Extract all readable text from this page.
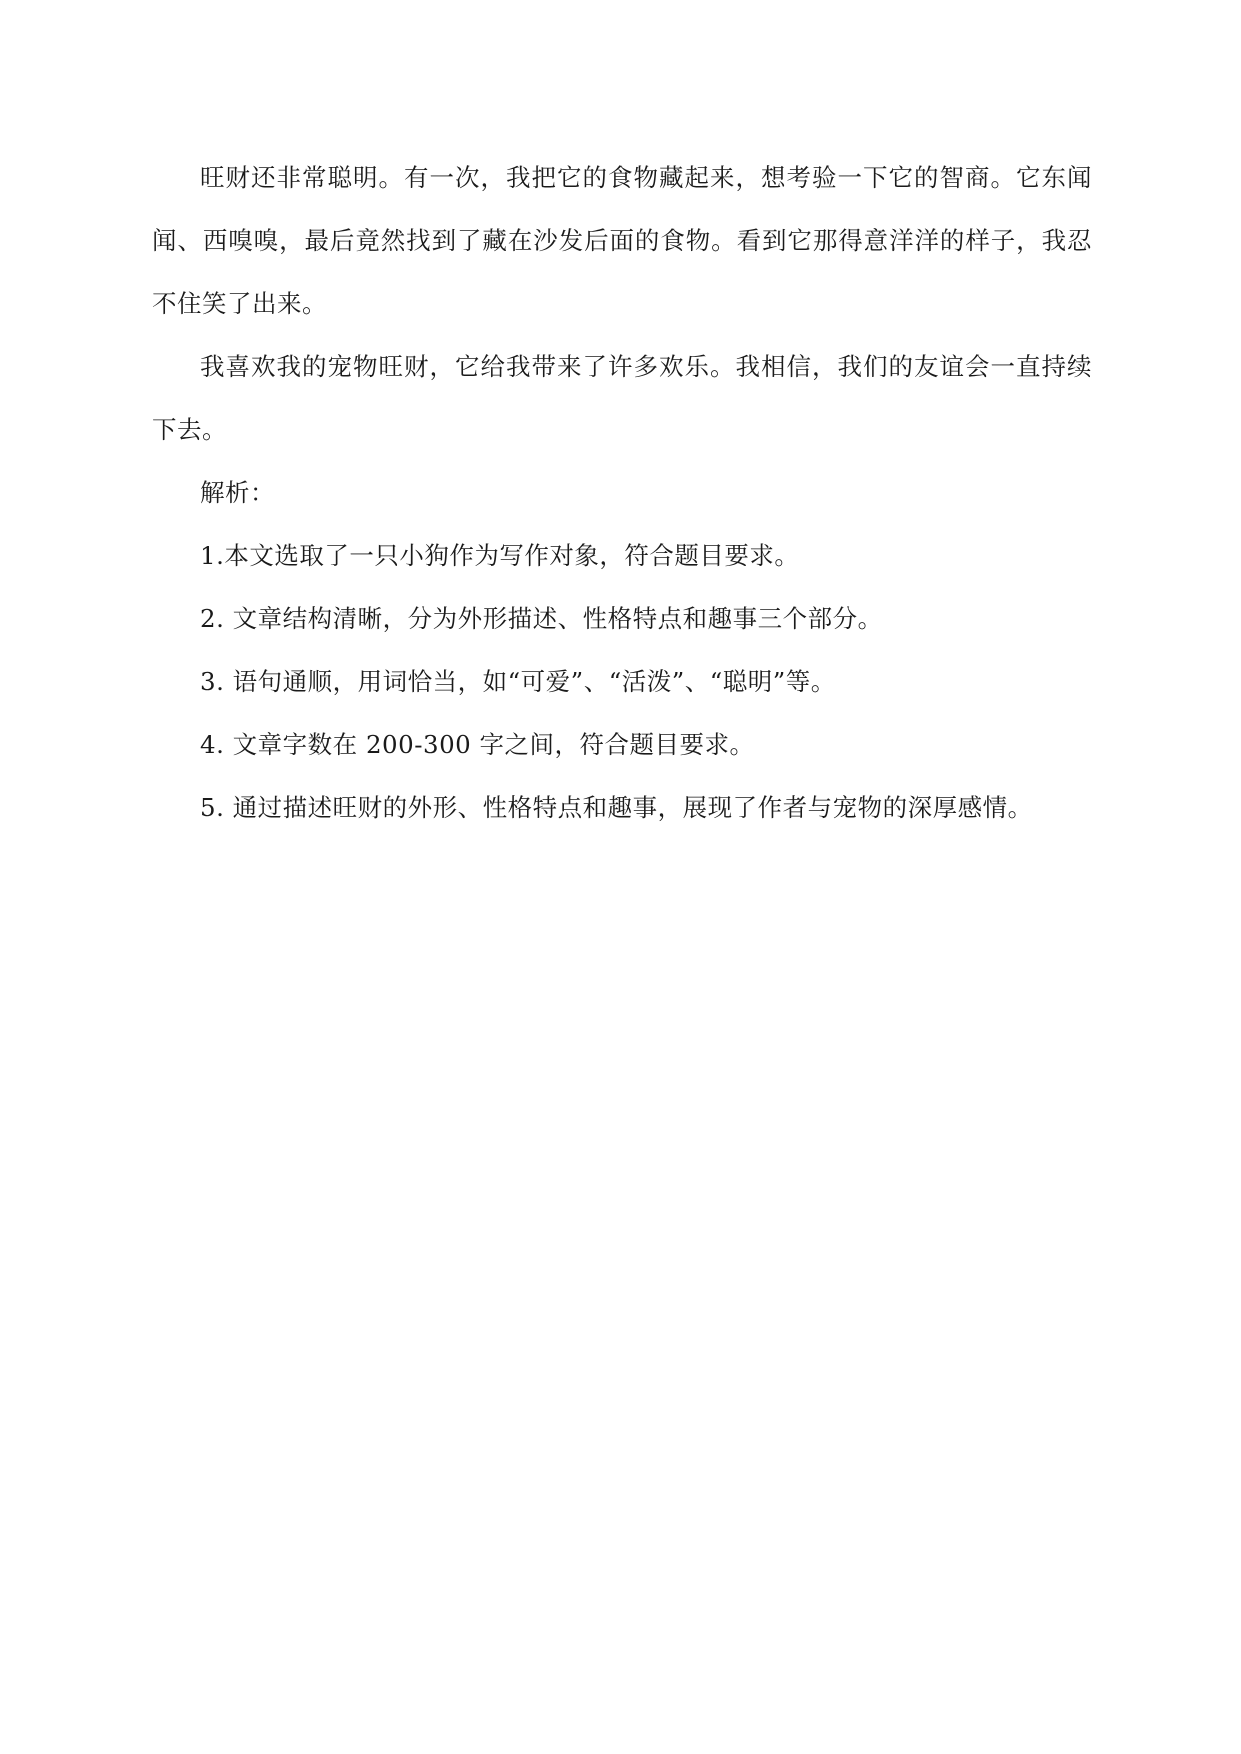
旺财还非常聪明。有一次，我把它的食物藏起来，想考验一下它的智商。它东闻闻、西嗅嗅，最后竟然找到了藏在沙发后面的食物。看到它那得意洋洋的样子，我忍不住笑了出来。

我喜欢我的宠物旺财，它给我带来了许多欢乐。我相信，我们的友谊会一直持续下去。

解析：

1.本文选取了一只小狗作为写作对象，符合题目要求。

2. 文章结构清晰，分为外形描述、性格特点和趣事三个部分。

3. 语句通顺，用词恰当，如“可爱”、“活泼”、“聪明”等。

4. 文章字数在 200-300 字之间，符合题目要求。

5. 通过描述旺财的外形、性格特点和趣事，展现了作者与宠物的深厚感情。
